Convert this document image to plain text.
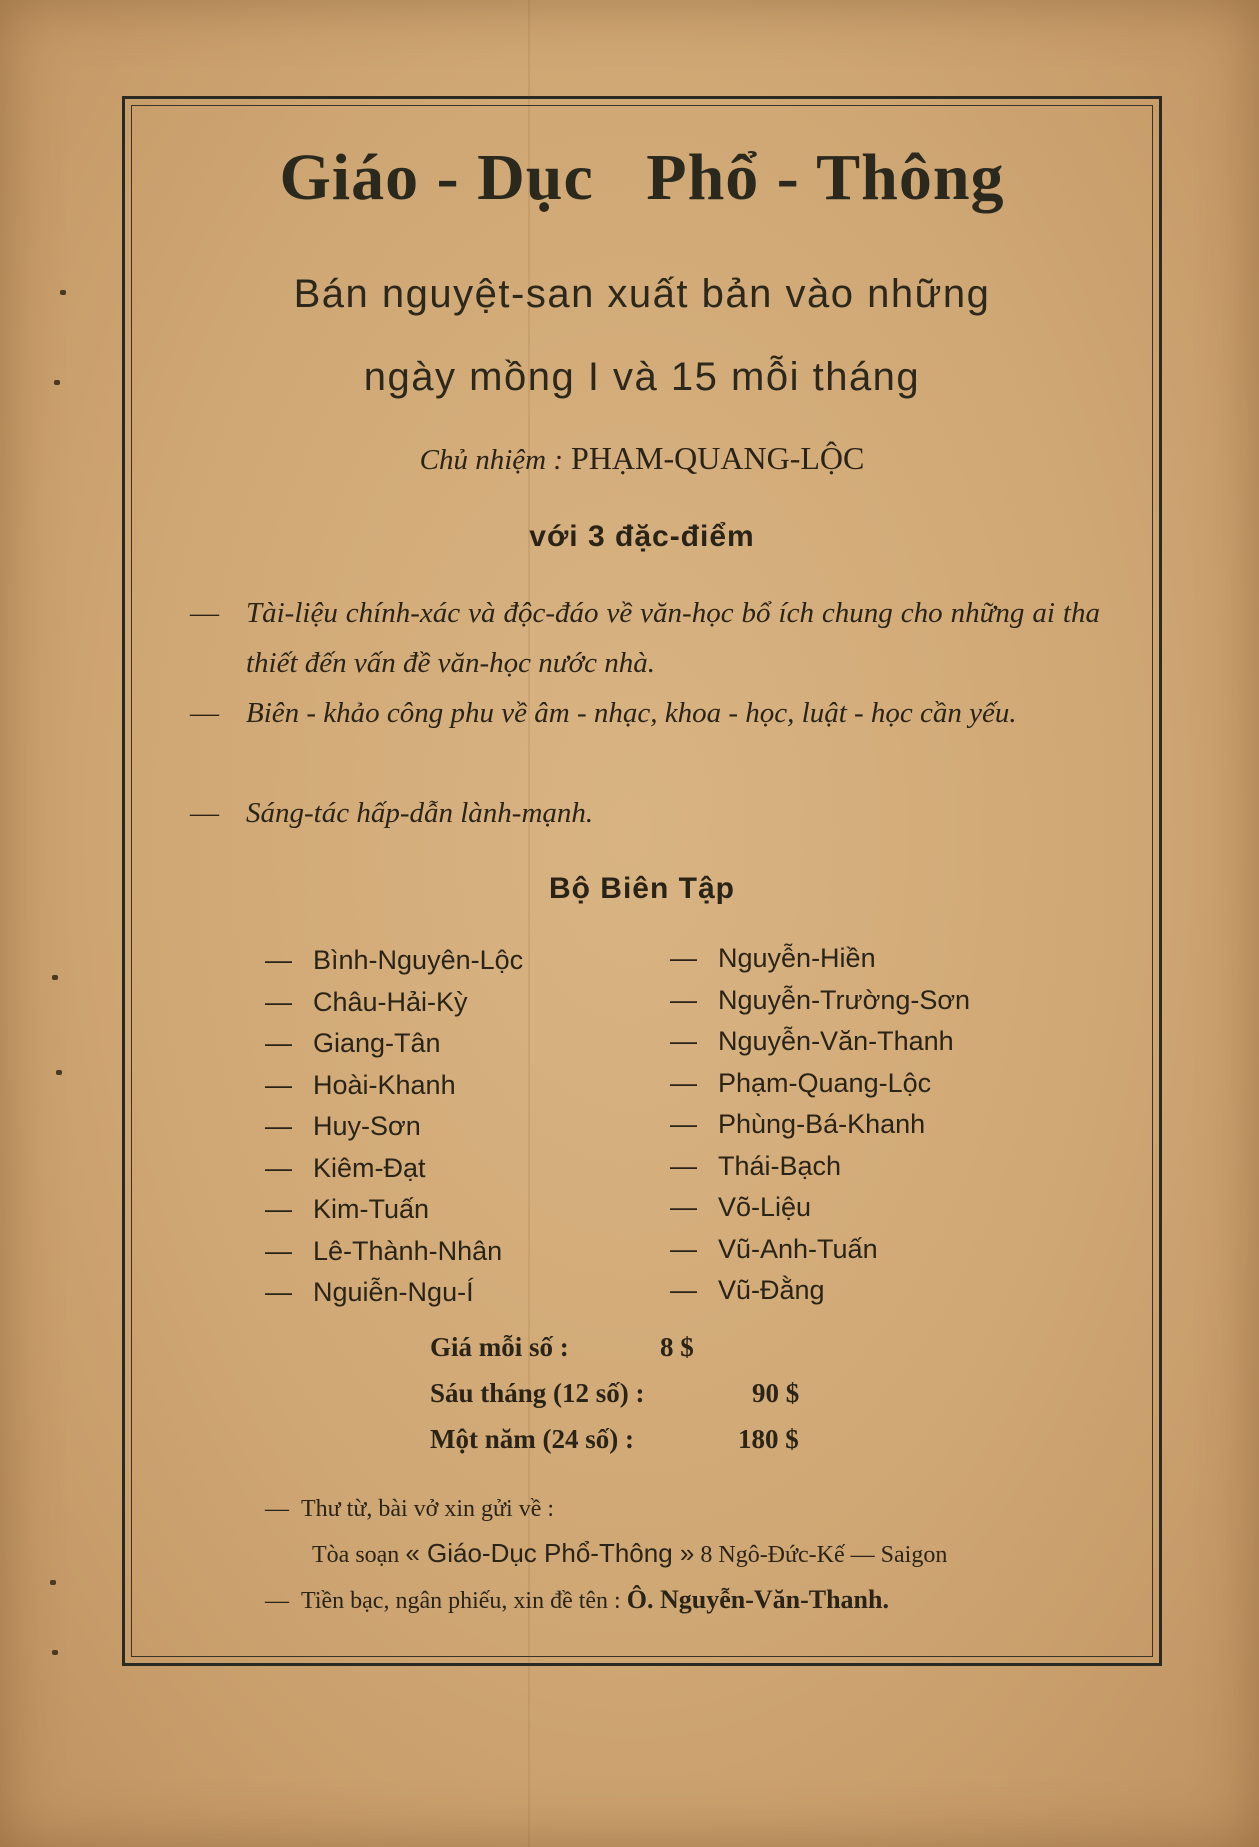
Giáo - Dục   Phổ - Thông
Bán nguyệt-san xuất bản vào những
ngày mồng I và 15 mỗi tháng
Chủ nhiệm : PHẠM-QUANG-LỘC
với 3 đặc-điểm
— Tài-liệu chính-xác và độc-đáo về văn-học bổ ích chung cho những ai tha thiết đến vấn đề văn-học nước nhà.
— Biên - khảo công phu về âm - nhạc, khoa - học, luật - học cần yếu.
— Sáng-tác hấp-dẫn lành-mạnh.
Bộ Biên Tập
— Bình-Nguyên-Lộc
— Châu-Hải-Kỳ
— Giang-Tân
— Hoài-Khanh
— Huy-Sơn
— Kiêm-Đạt
— Kim-Tuấn
— Lê-Thành-Nhân
— Nguiễn-Ngu-Í
— Nguyễn-Hiền
— Nguyễn-Trường-Sơn
— Nguyễn-Văn-Thanh
— Phạm-Quang-Lộc
— Phùng-Bá-Khanh
— Thái-Bạch
— Võ-Liệu
— Vũ-Anh-Tuấn
— Vũ-Đằng
Giá mỗi số :	8 $
Sáu tháng (12 số) :	90 $
Một năm (24 số) :	180 $
—  Thư từ, bài vở xin gửi về :
Tòa soạn « Giáo-Dục Phổ-Thông » 8 Ngô-Đức-Kế — Saigon
—  Tiền bạc, ngân phiếu, xin đề tên : Ô. Nguyễn-Văn-Thanh.
